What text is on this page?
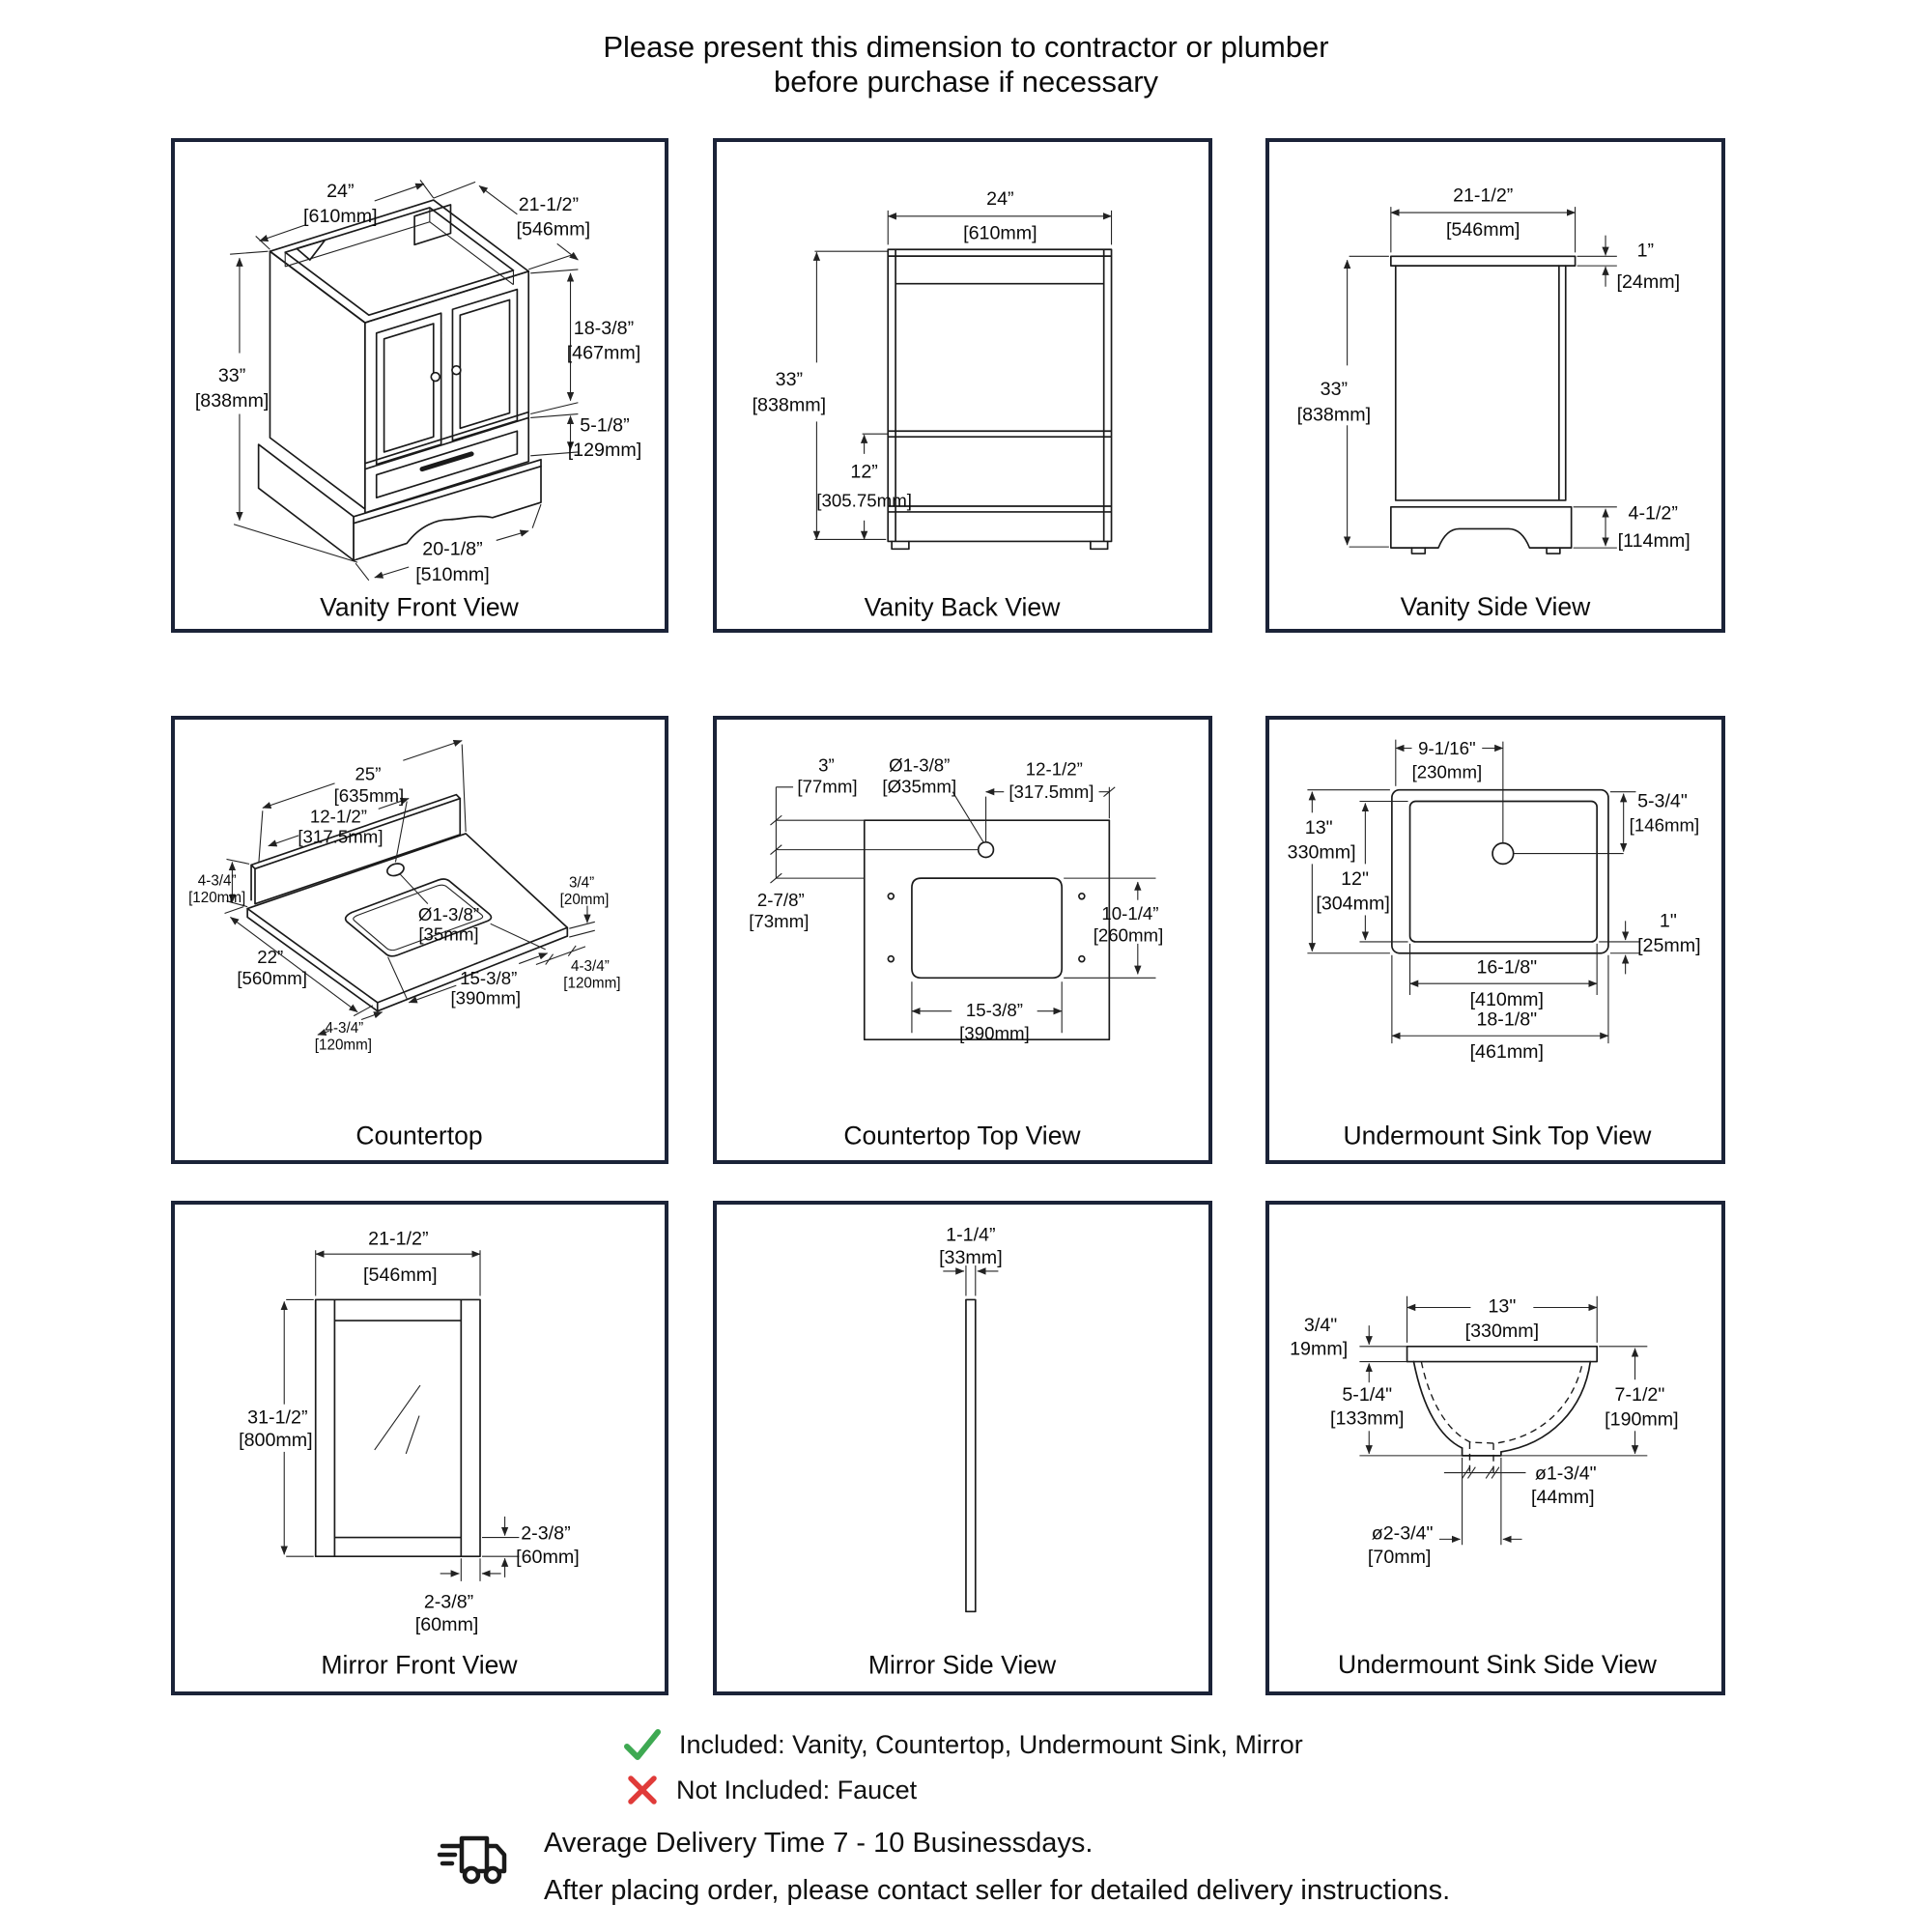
Please present this dimension to contractor or plumber
before purchase if necessary
24”
[610mm]
21-1/2”
[546mm]
18-3/8”
[467mm]
5-1/8”
[129mm]
33”
[838mm]
20-1/8”
[510mm]
Vanity Front View
24”
[610mm]
33”
[838mm]
12”
[305.75mm]
Vanity Back View
21-1/2”
[546mm]
1”
[24mm]
33”
[838mm]
4-1/2”
[114mm]
Vanity Side View
25”
[635mm]
12-1/2”
[317.5mm]
4-3/4”
[120mm]
Ø1-3/8”
[35mm]
3/4”
[20mm]
22”
[560mm]	15-3/8”
[390mm]
4-3/4”
[120mm]
4-3/4”
[120mm]
Countertop
3”
[77mm]
Ø1-3/8”
[Ø35mm]
12-1/2”
[317.5mm]
2-7/8”
[73mm]	10-1/4”
[260mm]
15-3/8”
[390mm]
Countertop Top View
9-1/16"
[230mm]
13"
330mm]
12"
[304mm]
5-3/4"
[146mm]
1"
[25mm]
16-1/8"
[410mm]
18-1/8"
[461mm]
Undermount Sink Top View
21-1/2”
[546mm]
31-1/2”
[800mm]
2-3/8”
[60mm]
2-3/8”
[60mm]
Mirror Front View
1-1/4”
[33mm]
Mirror Side View
13"
[330mm]
3/4"
19mm]
5-1/4"
[133mm]
7-1/2"
[190mm]
ø1-3/4"
[44mm]
ø2-3/4"
[70mm]
Undermount Sink Side View
Included: Vanity, Countertop, Undermount Sink, Mirror
Not Included: Faucet
Average Delivery Time 7 - 10 Businessdays.
After placing order, please contact seller for detailed delivery instructions.
